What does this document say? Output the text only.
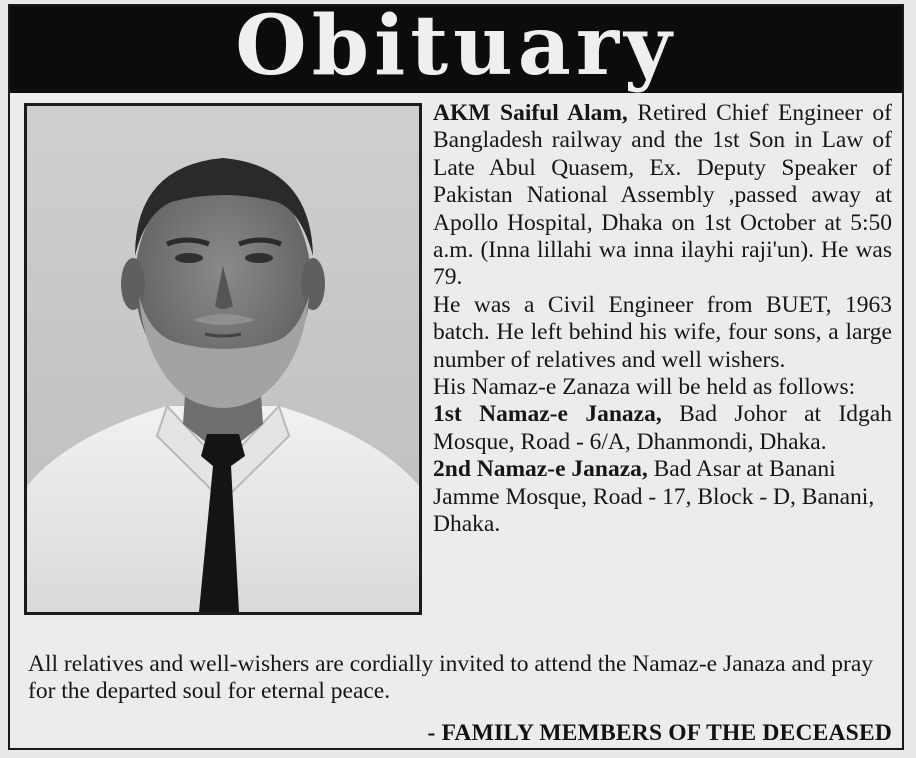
Obituary

AKM Saiful Alam, Retired Chief Engineer of Bangladesh railway and the 1st Son in Law of Late Abul Quasem, Ex. Deputy Speaker of Pakistan National Assembly ,passed away at Apollo Hospital, Dhaka on 1st October at 5:50 a.m. (Inna lillahi wa inna ilayhi raji'un). He was 79.

He was a Civil Engineer from BUET, 1963 batch. He left behind his wife, four sons, a large number of relatives and well wishers.

His Namaz-e Zanaza will be held as follows:

1st Namaz-e Janaza, Bad Johor at Idgah Mosque, Road - 6/A, Dhanmondi, Dhaka.

2nd Namaz-e Janaza, Bad Asar at Banani Jamme Mosque, Road - 17, Block - D, Banani, Dhaka.

All relatives and well-wishers are cordially invited to attend the Namaz-e Janaza and pray for the departed soul for eternal peace.

- FAMILY MEMBERS OF THE DECEASED
